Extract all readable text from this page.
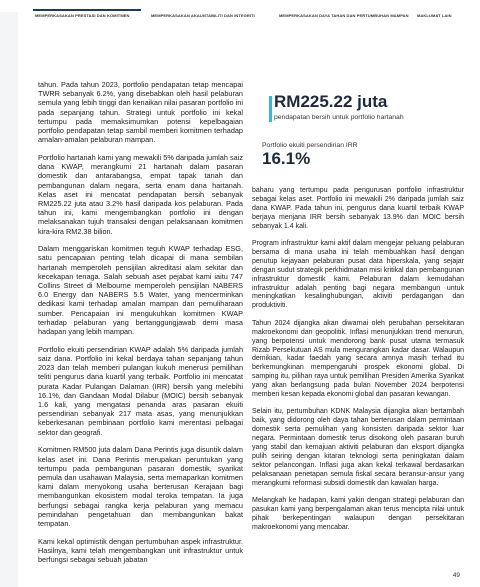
MEMPERKASAKAN PRESTASI DAN KOMITMEN	MEMPERKASAKAN AKAUNTABILITI DAN INTEGRITI	MEMPERKASAKAN DAYA TAHAN DAN PERTUMBUHAN MAMPAN MAKLUMAT LAIN

tahun. Pada tahun 2023, portfolio pendapatan tetap mencapai TWRR sebanyak 6.2%, yang disebabkan oleh hasil pelaburan semula yang lebih tinggi dan kenaikan nilai pasaran portfolio ini pada sepanjang tahun. Strategi untuk portfolio ini kekal tertumpu pada memaksimumkan potensi kepelbagaian portfolio pendapatan tetap sambil memberi komitmen terhadap amalan-amalan pelaburan mampan.

Portfolio hartanah kami yang mewakili 5% daripada jumlah saiz dana KWAP, merangkumi 21 hartanah dalam pasaran domestik dan antarabangsa, empat tapak tanah dan pembangunan dalam negara, serta enam dana hartanah. Kelas aset ini mencatat pendapatan bersih sebanyak RM225.22 juta atau 3.2% hasil daripada kos pelaburan. Pada tahun ini, kami mengembangkan portfolio ini dengan melaksanakan tujuh transaksi dengan pelaksanaan komitmen kira-kira RM2.38 bilion.

Dalam menggariskan komitmen teguh KWAP terhadap ESG, satu pencapaian penting telah dicapai di mana sembilan hartanah memperoleh pensijilan akreditasi alam sekitar dan kecekapan tenaga. Salah sebuah aset pejabat kami iaitu 747 Collins Street di Melbourne memperoleh pensijilan NABERS 6.0 Energy dan NABERS 5.5 Water, yang mencerminkan dedikasi kami terhadap amalan mampan dan pemuliharaan sumber. Pencapaian ini mengukuhkan komitmen KWAP terhadap pelaburan yang bertanggungjawab demi masa hadapan yang lebih mampan.

Portfolio ekuiti persendirian KWAP adalah 5% daripada jumlah saiz dana. Portfolio ini kekal berdaya tahan sepanjang tahun 2023 dan telah memberi pulangan kukuh menerusi pemilihan teliti pengurus dana kuartil yang terbaik. Portfolio ini mencatat purata Kadar Pulangan Dalaman (IRR) bersih yang melebihi 16.1%, dan Gandaan Modal Dilabur (MOIC) bersih sebanyak 1.6 kali, yang mengatasi penanda aras pasaran ekuiti persendirian sebanyak 217 mata asas, yang menunjukkan keberkesanan pembinaan portfolio kami merentasi pelbagai sektor dan geografi.

Komitmen RM500 juta dalam Dana Perintis juga disuntik dalam kelas aset ini. Dana Perintis merupakan peruntukan yang tertumpu pada pembangunan pasaran domestik, syarikat pemula dan usahawan Malaysia, serta memaparkan komitmen kami dalam menyokong usaha berterusan Kerajaan bagi membangunkan ekosistem modal teroka tempatan. Ia juga berfungsi sebagai rangka kerja pelaburan yang memacu pemindahan pengetahuan dan membangunkan bakat tempatan.

Kami kekal optimistik dengan pertumbuhan aspek infrastruktur. Hasilnya, kami telah mengembangkan unit infrastruktur untuk berfungsi sebagai sebuah jabatan

RM225.22 juta
pendapatan bersih untuk portfolio hartanah
Portfolio ekuiti persendirian IRR
16.1%

baharu yang tertumpu pada pengurusan portfolio infrastruktur sebagai kelas aset. Portfolio ini mewakili 2% daripada jumlah saiz dana KWAP. Pada tahun ini, pengurus dana kuartil terbaik KWAP berjaya menjana IRR bersih sebanyak 13.9% dan MOIC bersih sebanyak 1.4 kali.

Program infrastruktur kami aktif dalam mengejar peluang pelaburan bersama di mana usaha ini telah membuahkan hasil dengan penutup kejayaan pelaburan pusat data hiperskala, yang sejajar dengan sudut strategik perkhidmatan misi kritikal dan pembangunan infrastruktur domestik kami. Pelaburan dalam kemudahan infrastruktur adalah penting bagi negara membangun untuk meningkatkan kesalinghubungan, aktiviti perdagangan dan produktiviti.

Tahun 2024 dijangka akan diwarnai oleh perubahan persekitaran makroekonomi dan geopolitik. Inflasi menunjukkan trend menurun, yang berpotensi untuk mendorong bank pusat utama termasuk Rizab Persekutuan AS mula mengurangkan kadar dasar. Walaupun demikian, kadar faedah yang secara amnya masih terhad itu berkemungkinan mempengaruhi prospek ekonomi global. Di samping itu, pilihan raya untuk pemilihan Presiden Amerika Syarikat yang akan berlangsung pada bulan November 2024 berpotensi memberi kesan kepada ekonomi global dan pasaran kewangan.

Selain itu, pertumbuhan KDNK Malaysia dijangka akan bertambah baik, yang didorong oleh daya tahan berterusan dalam permintaan domestik serta pemulihan yang konsisten daripada sektor luar negara. Permintaan domestik terus disokong oleh pasaran buruh yang stabil dan kemajuan aktiviti pelaburan dan eksport dijangka pulih seiring dengan kitaran teknologi serta peningkatan dalam sektor pelancongan. Inflasi juga akan kekal terkawal berdasarkan pelaksanaan penetapan semula fiskal secara beransur-ansur yang merangkumi reformasi subsidi domestik dan kawalan harga.

Melangkah ke hadapan, kami yakin dengan strategi pelaburan dan pasukan kami yang berpengalaman akan terus mencipta nilai untuk pihak berkepentingan walaupun dengan persekitaran makroekonomi yang mencabar.

49
